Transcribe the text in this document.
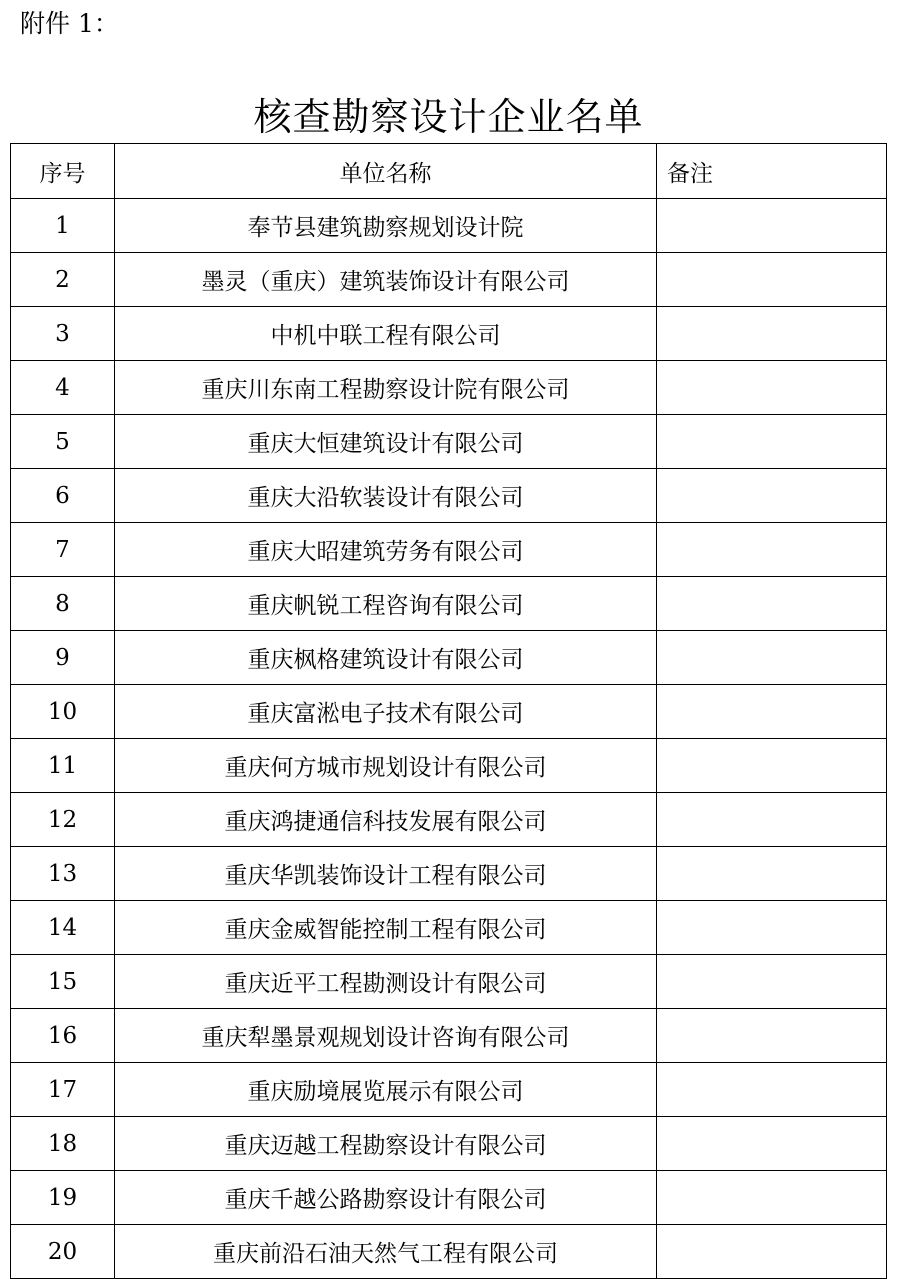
附件 1：
核查勘察设计企业名单
序号	单位名称	备注
1	奉节县建筑勘察规划设计院	
2	墨灵（重庆）建筑装饰设计有限公司	
3	中机中联工程有限公司	
4	重庆川东南工程勘察设计院有限公司	
5	重庆大恒建筑设计有限公司	
6	重庆大沿软装设计有限公司	
7	重庆大昭建筑劳务有限公司	
8	重庆帆锐工程咨询有限公司	
9	重庆枫格建筑设计有限公司	
10	重庆富淞电子技术有限公司	
11	重庆何方城市规划设计有限公司	
12	重庆鸿捷通信科技发展有限公司	
13	重庆华凯装饰设计工程有限公司	
14	重庆金威智能控制工程有限公司	
15	重庆近平工程勘测设计有限公司	
16	重庆犁墨景观规划设计咨询有限公司	
17	重庆励境展览展示有限公司	
18	重庆迈越工程勘察设计有限公司	
19	重庆千越公路勘察设计有限公司	
20	重庆前沿石油天然气工程有限公司	
